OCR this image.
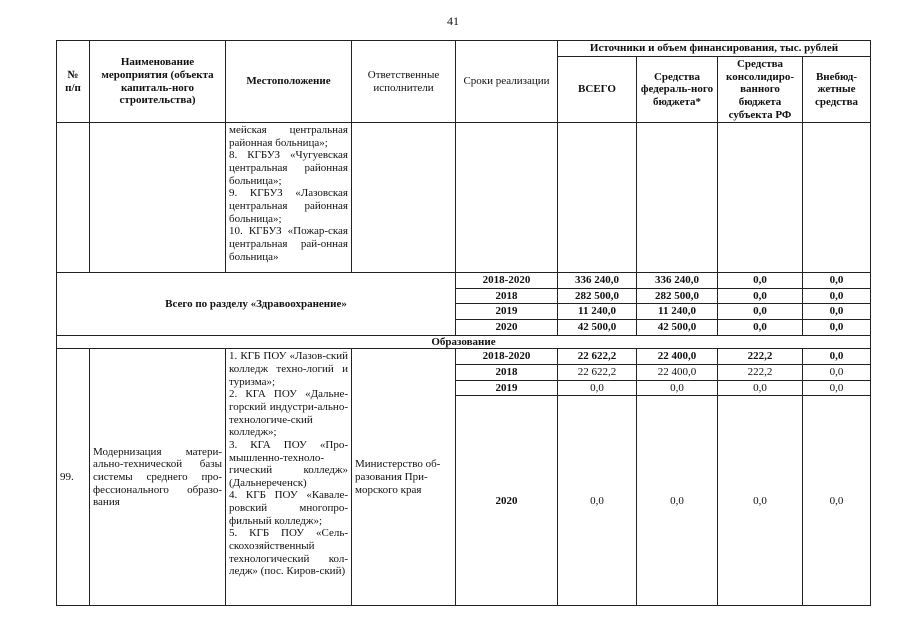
41
№
п/п	Наименование мероприятия (объекта капиталь-ного строительства)	Местоположение	Ответственные исполнители	Сроки реализации	Источники и объем финансирования, тыс. рублей			
					ВСЕГО	Средства федераль-ного бюджета*	Средства консолидиро-ванного бюджета субъекта РФ	Внебюд-жетные средства
		мейская центральная районная больница»;
8. КГБУЗ «Чугуевская центральная районная больница»;
9. КГБУЗ «Лазовская центральная районная больница»;
10. КГБУЗ «Пожар-ская центральная рай-онная больница»						
Всего по разделу «Здравоохранение»				2018-2020	336 240,0	336 240,0	0,0	0,0
				2018	282 500,0	282 500,0	0,0	0,0
				2019	11 240,0	11 240,0	0,0	0,0
				2020	42 500,0	42 500,0	0,0	0,0
Образование								
99.	Модернизация матери-ально-технической базы системы среднего про-фессионального образо-вания	1. КГБ ПОУ «Лазов-ский колледж техно-логий и туризма»;
2. КГА ПОУ «Дальне-горский индустри-ально-технологиче-ский колледж»;
3. КГА ПОУ «Про-мышленно-техноло-гический колледж» (Дальнереченск)
4. КГБ ПОУ «Кавале-ровский многопро-фильный колледж»;
5. КГБ ПОУ «Сель-скохозяйственный технологический кол-ледж» (пос. Киров-ский)	Министерство об-разования При-морского края	2018-2020	22 622,2	22 400,0	222,2	0,0
				2018	22 622,2	22 400,0	222,2	0,0
				2019	0,0	0,0	0,0	0,0
				2020	0,0	0,0	0,0	0,0
